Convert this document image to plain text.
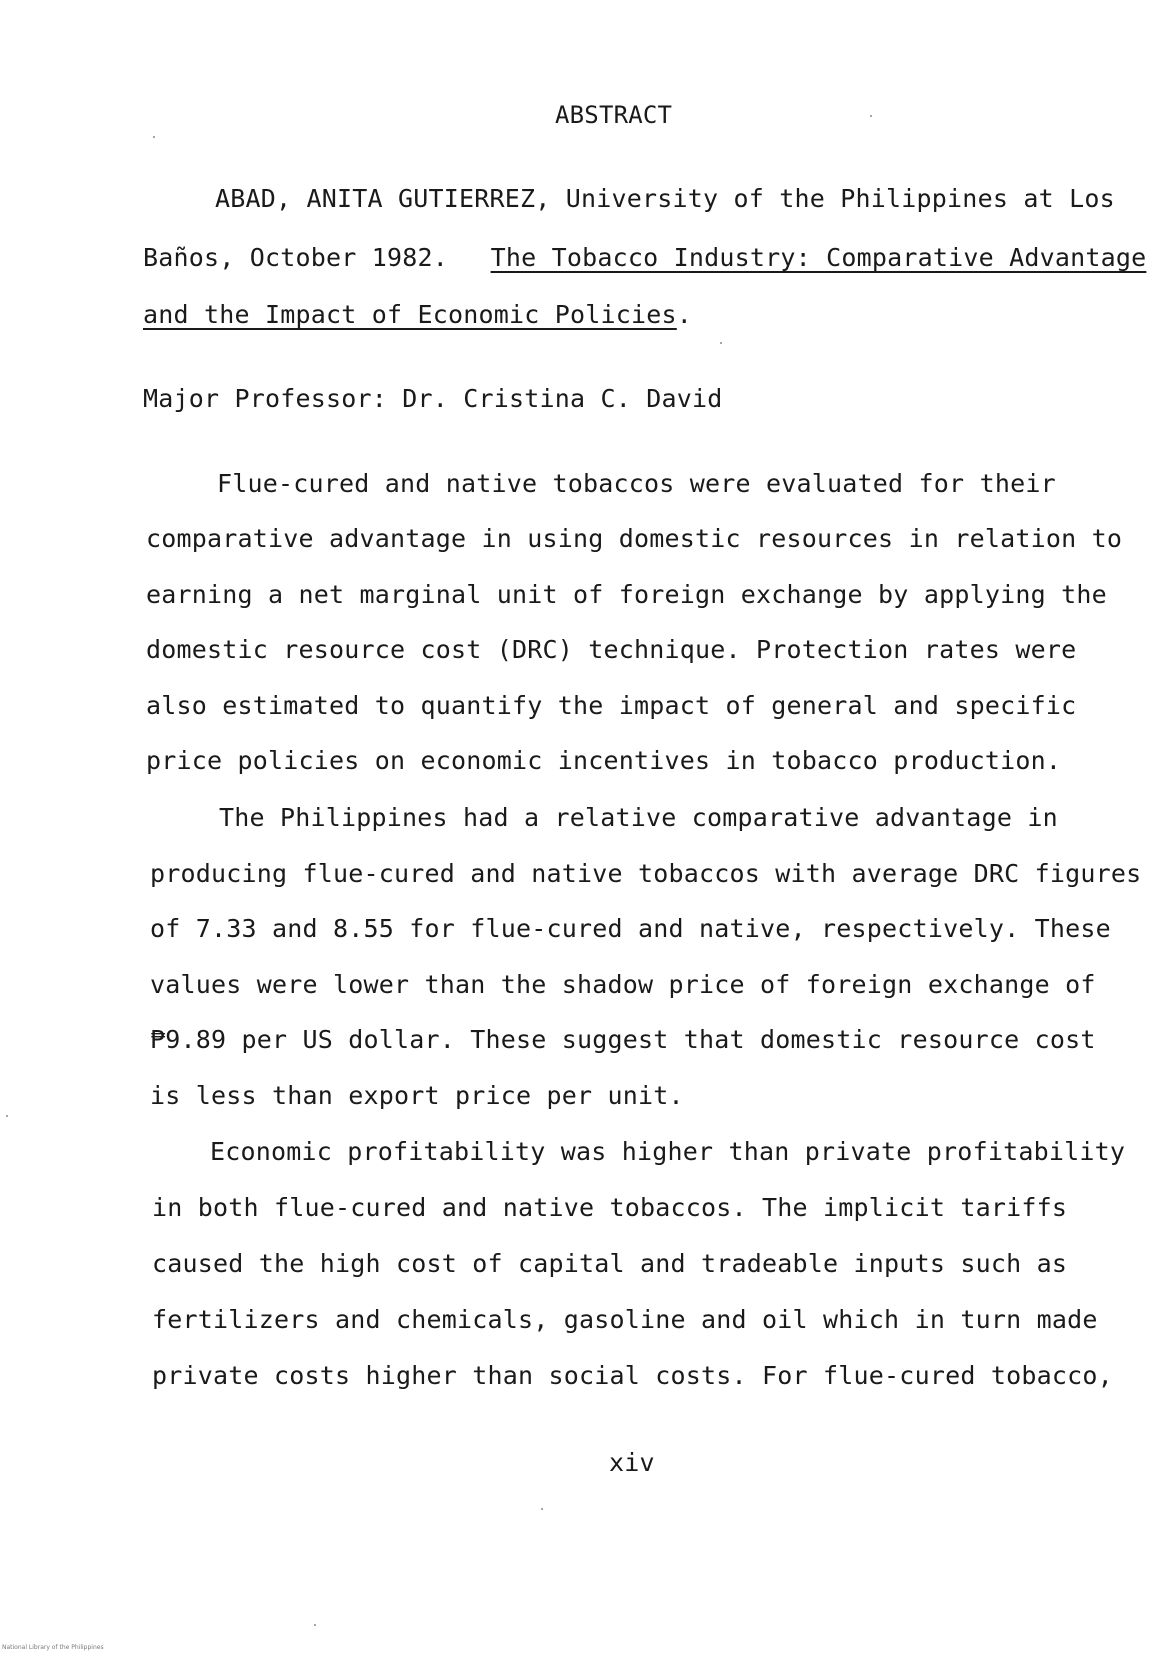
ABSTRACT
ABAD, ANITA GUTIERREZ, University of the Philippines at Los
Baños, October 1982. The Tobacco Industry: Comparative Advantage
and the Impact of Economic Policies.
Major Professor: Dr. Cristina C. David
Flue-cured and native tobaccos were evaluated for their
comparative advantage in using domestic resources in relation to
earning a net marginal unit of foreign exchange by applying the
domestic resource cost (DRC) technique. Protection rates were
also estimated to quantify the impact of general and specific
price policies on economic incentives in tobacco production.
The Philippines had a relative comparative advantage in
producing flue-cured and native tobaccos with average DRC figures
of 7.33 and 8.55 for flue-cured and native, respectively. These
values were lower than the shadow price of foreign exchange of
₱9.89 per US dollar. These suggest that domestic resource cost
is less than export price per unit.
Economic profitability was higher than private profitability
in both flue-cured and native tobaccos. The implicit tariffs
caused the high cost of capital and tradeable inputs such as
fertilizers and chemicals, gasoline and oil which in turn made
private costs higher than social costs. For flue-cured tobacco,
xiv
National Library of the Philippines
